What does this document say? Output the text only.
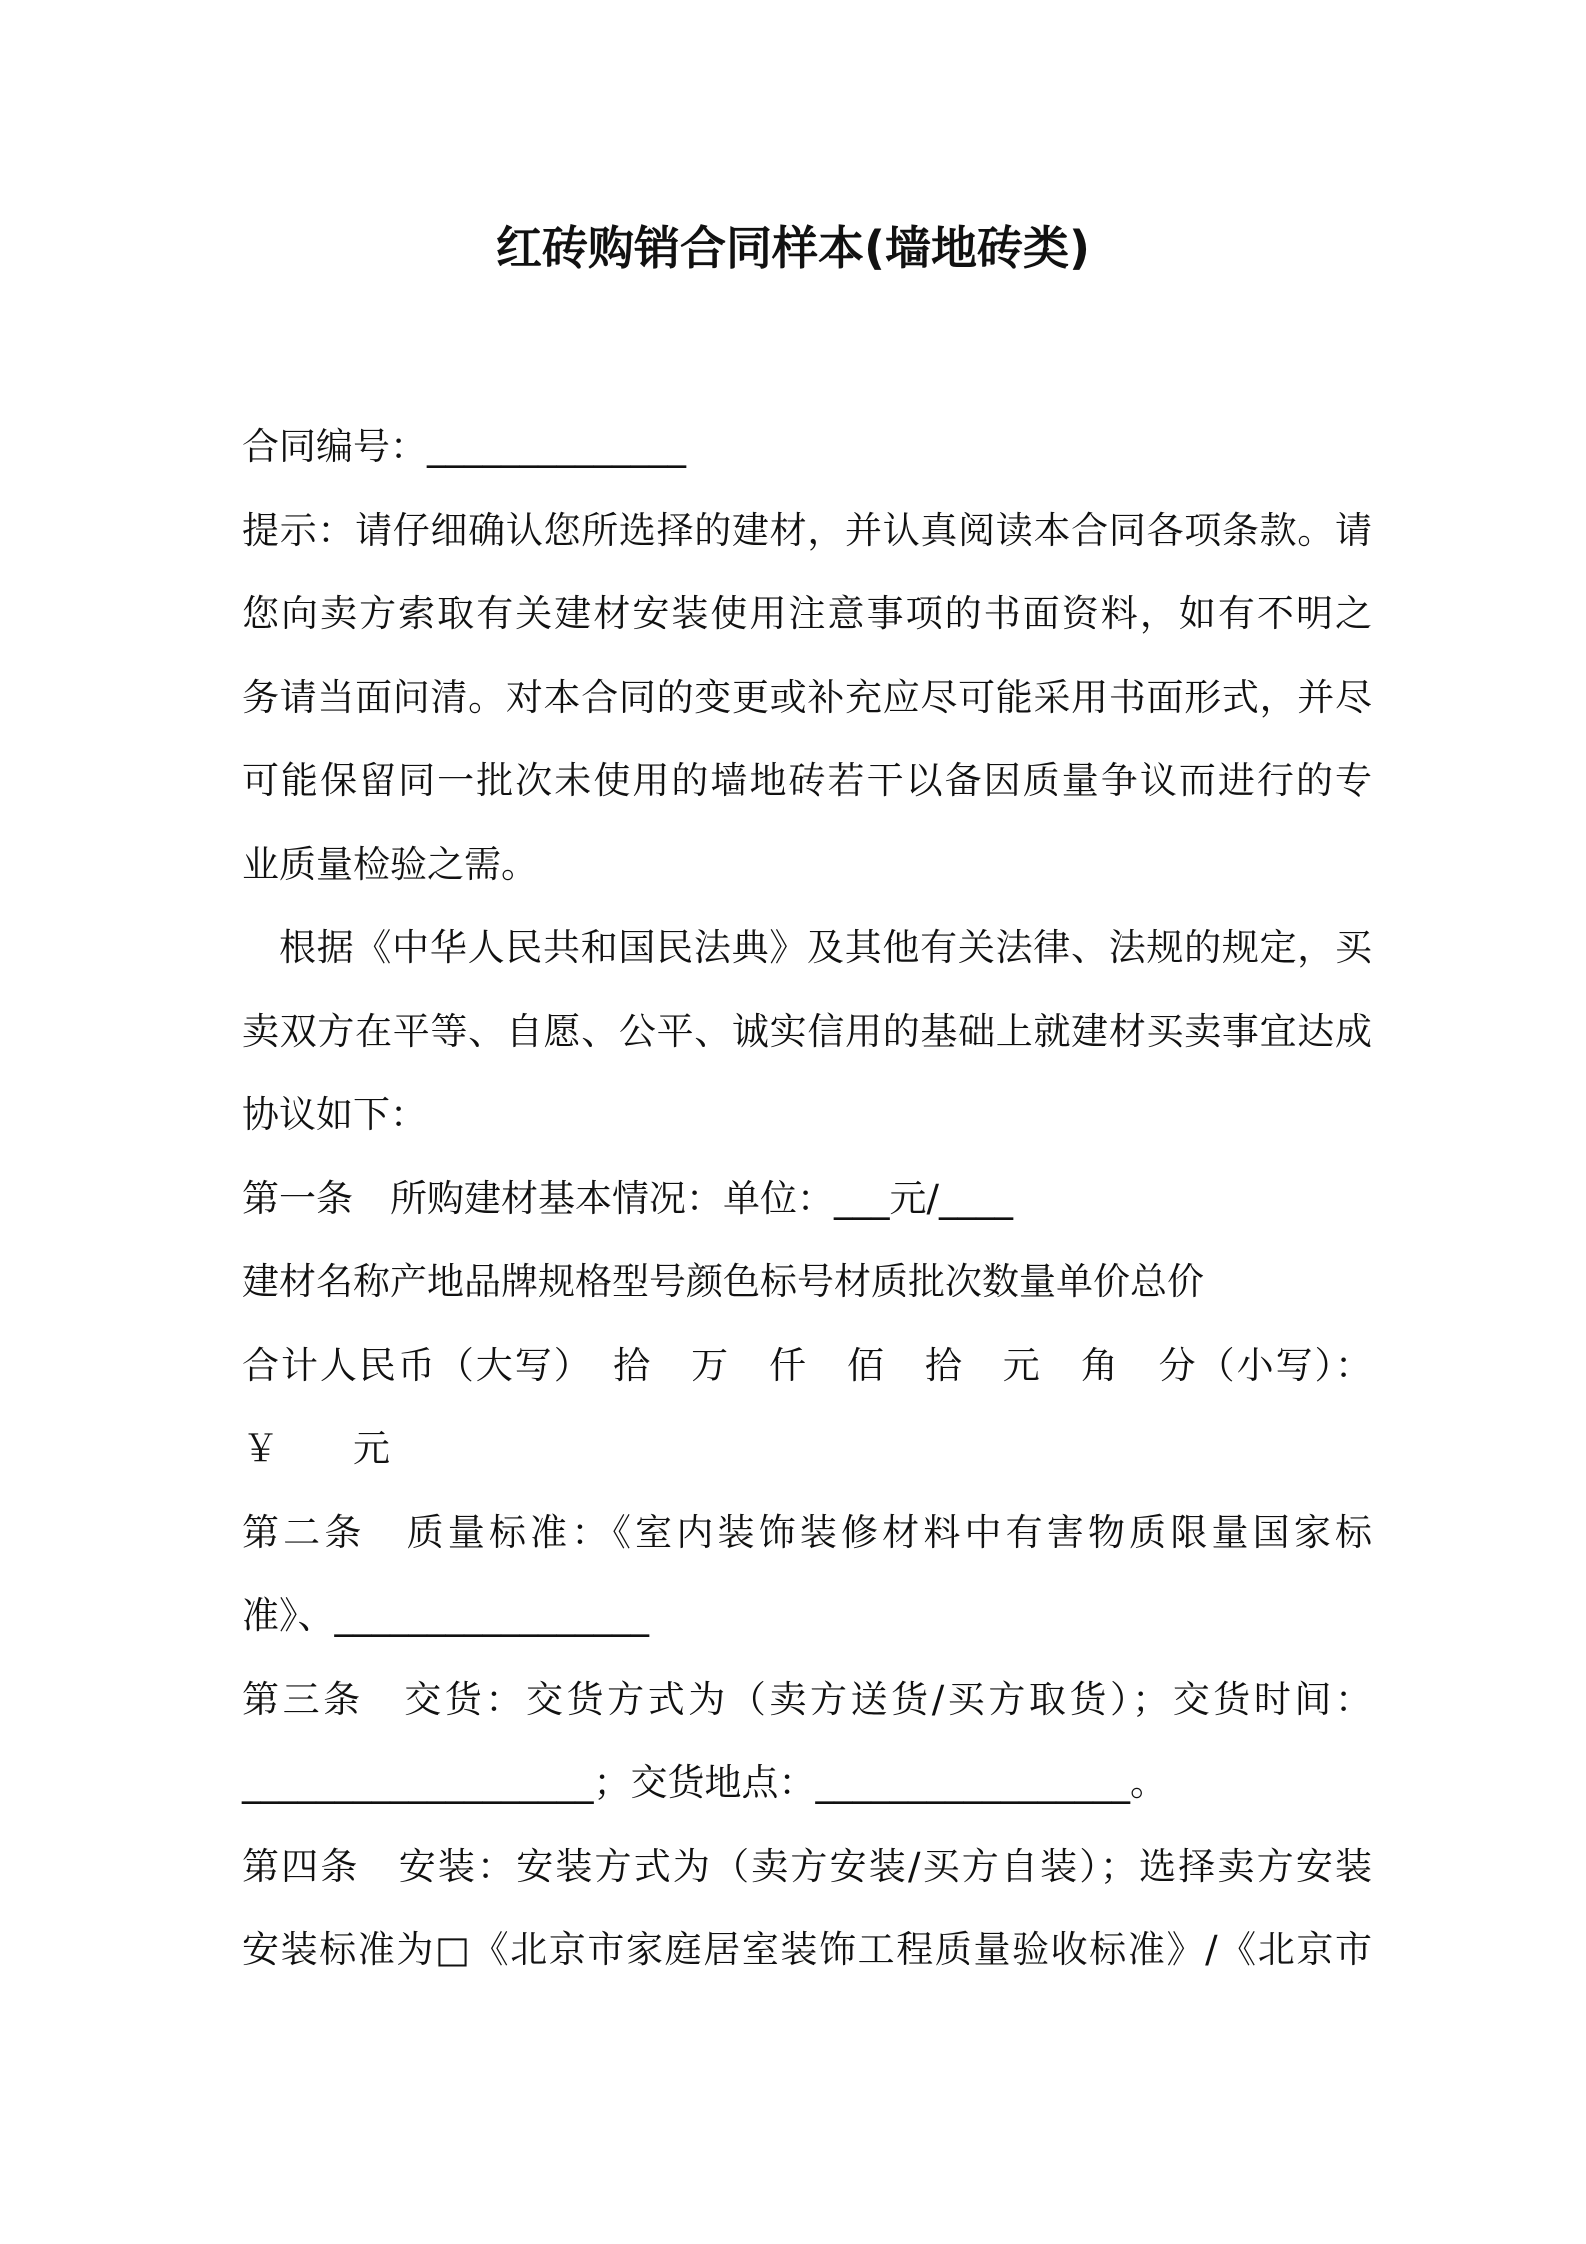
红砖购销合同样本(墙地砖类)
合同编号：______________
提示：请仔细确认您所选择的建材，并认真阅读本合同各项条款。请
您向卖方索取有关建材安装使用注意事项的书面资料，如有不明之
务请当面问清。对本合同的变更或补充应尽可能采用书面形式，并尽
可能保留同一批次未使用的墙地砖若干以备因质量争议而进行的专
业质量检验之需。
根据《中华人民共和国民法典》及其他有关法律、法规的规定，买
卖双方在平等、自愿、公平、诚实信用的基础上就建材买卖事宜达成
协议如下：
第一条　所购建材基本情况：单位：___元/____
建材名称产地品牌规格型号颜色标号材质批次数量单价总价
合计人民币（大写）　拾　万　仟　佰　拾　元　角　分（小写）：
￥　　元
第二条　质量标准：《室内装饰装修材料中有害物质限量国家标
准》、_________________
第三条　交货：交货方式为（卖方送货/买方取货）；交货时间：
___________________；交货地点：_________________。
第四条　安装：安装方式为（卖方安装/买方自装）；选择卖方安装
安装标准为□《北京市家庭居室装饰工程质量验收标准》/《北京市
